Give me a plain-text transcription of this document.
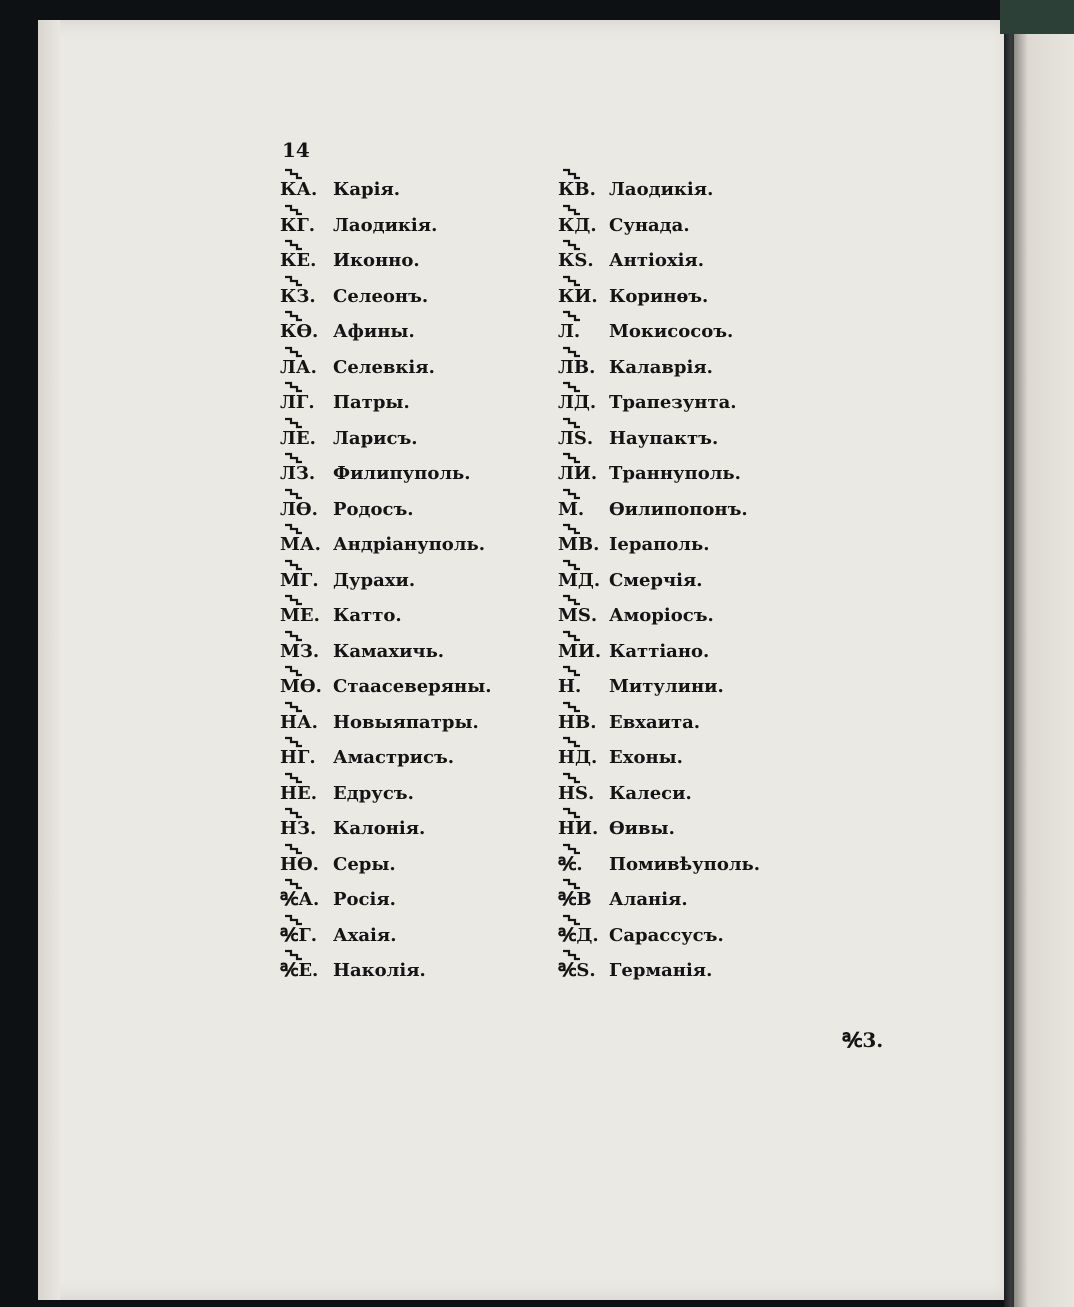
14
КА. Карія.
КГ. Лаодикія.
КЕ. Иконно.
КЗ. Селеонъ.
КѲ. Афины.
ЛА. Селевкія.
ЛГ. Патры.
ЛЕ. Ларисъ.
ЛЗ. Филипуполь.
ЛѲ. Родосъ.
МА. Андріануполь.
МГ. Дурахи.
МЕ. Катто.
МЗ. Камахичь.
МѲ. Стаасеверяны.
НА. Новыяпатры.
НГ. Амастрисъ.
НЕ. Едрусъ.
НЗ. Калонія.
НѲ. Серы.
℀А. Росія.
℀Г. Ахаія.
℀Е. Наколія.
КВ. Лаодикія.
КД. Сунада.
КЅ. Антіохія.
КИ. Коринѳъ.
Л. Мокисосоъ.
ЛВ. Калаврія.
ЛД. Трапезунта.
ЛЅ. Наупактъ.
ЛИ. Траннуполь.
М. Ѳилипопонъ.
МВ. Іераполь.
МД. Смерчія.
МЅ. Аморіосъ.
МИ. Каттіано.
Н. Митулини.
НВ. Евхаита.
НД. Ехоны.
НЅ. Калеси.
НИ. Ѳивы.
℀. Помивѣуполь.
℀В Аланія.
℀Д. Сарассусъ.
℀Ѕ. Германія.
℀3.
